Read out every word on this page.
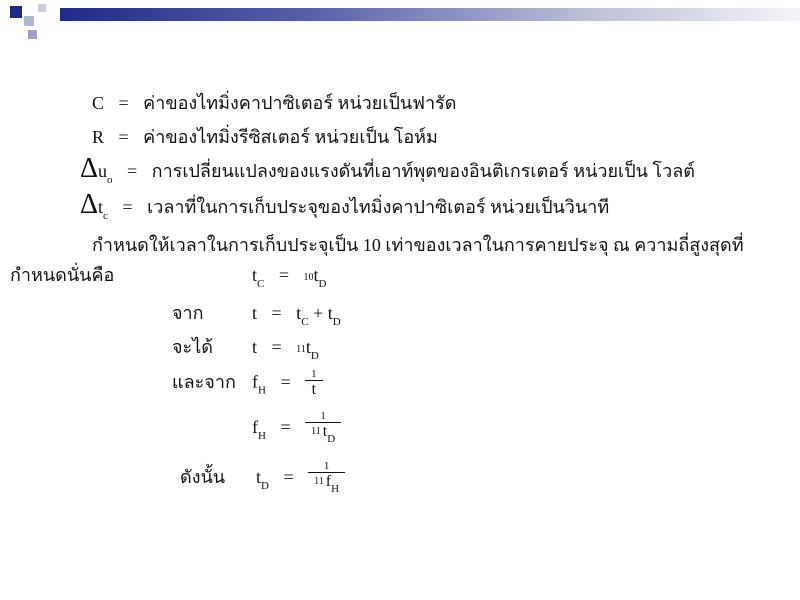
C = ค่าของไทมิ่งคาปาซิเตอร์ หน่วยเป็นฟารัด
R = ค่าของไทมิ่งรีซิสเตอร์ หน่วยเป็น โอห์ม
$\Delta u_o$ = การเปลี่ยนแปลงของแรงดันที่เอาท์พุตของอินติเกรเตอร์ หน่วยเป็น โวลต์
$\Delta t_c$ = เวลาที่ในการเก็บประจุของไทมิ่งคาปาซิเตอร์ หน่วยเป็นวินาที
กำหนดให้เวลาในการเก็บประจุเป็น 10 เท่าของเวลาในการคายประจุ ณ ความถี่สูงสุดที่
กำหนดนั่นคือ	$t_C = 10t_D$
จาก	$t = t_C + t_D$
จะได้ $t = 11t_D$
และจาก $f_H = \frac{1}{t}$
$f_H = \frac{1}{11 t_D}$
ดังนั้น $t_D = \frac{1}{11 f_H}$
